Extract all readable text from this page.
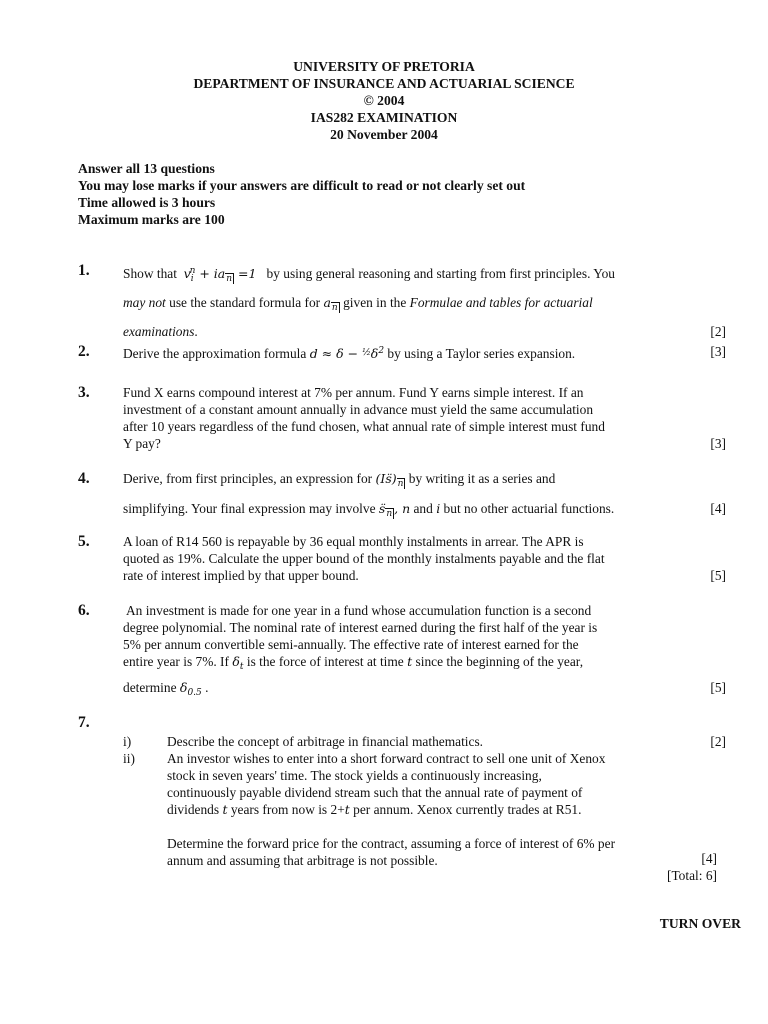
UNIVERSITY OF PRETORIA
DEPARTMENT OF INSURANCE AND ACTUARIAL SCIENCE
© 2004
IAS282 EXAMINATION
20 November 2004
Answer all 13 questions
You may lose marks if your answers are difficult to read or not clearly set out
Time allowed is 3 hours
Maximum marks are 100
1. Show that $v_i^n + ia_n =1$ by using general reasoning and starting from first principles. You
may not use the standard formula for $a_n$ given in the Formulae and tables for actuarial
examinations.	[2]
2. Derive the approximation formula $d \approx \delta - ^{\frac{1}{2}}\delta^2$ by using a Taylor series expansion.	[3]
3. Fund X earns compound interest at 7% per annum. Fund Y earns simple interest. If an
investment of a constant amount annually in advance must yield the same accumulation
after 10 years regardless of the fund chosen, what annual rate of simple interest must fund
Y pay?	[3]
4. Derive, from first principles, an expression for $(Is̈)_n$ by writing it as a series and
simplifying. Your final expression may involve $s̈_n$ , n and i but no other actuarial functions.	[4]
5. A loan of R14 560 is repayable by 36 equal monthly instalments in arrear. The APR is
quoted as 19%. Calculate the upper bound of the monthly instalments payable and the flat
rate of interest implied by that upper bound.	[5]
6.	An investment is made for one year in a fund whose accumulation function is a second
degree polynomial. The nominal rate of interest earned during the first half of the year is
5% per annum convertible semi-annually. The effective rate of interest earned for the
entire year is 7%. If $\delta_t$ is the force of interest at time t since the beginning of the year,
determine $\delta_{0.5}$ .	[5]
7.
i)	Describe the concept of arbitrage in financial mathematics.	[2]
ii) An investor wishes to enter into a short forward contract to sell one unit of Xenox
stock in seven years' time. The stock yields a continuously increasing,
continuously payable dividend stream such that the annual rate of payment of
dividends t years from now is 2+t per annum. Xenox currently trades at R51.
Determine the forward price for the contract, assuming a force of interest of 6% per
annum and assuming that arbitrage is not possible.	[4]
[Total: 6]
TURN OVER
